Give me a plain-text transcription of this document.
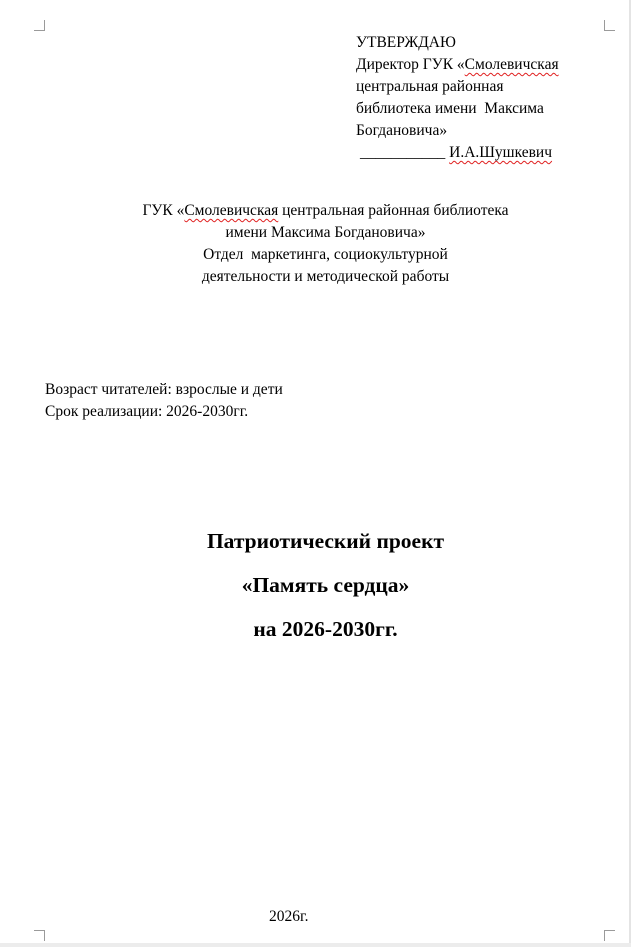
УТВЕРЖДАЮ
Директор ГУК «Смолевичская
центральная районная
библиотека имени  Максима
Богдановича»
___________ И.А.Шушкевич
ГУК «Смолевичская центральная районная библиотека
имени Максима Богдановича»
Отдел  маркетинга, социокультурной
деятельности и методической работы
Возраст читателей: взрослые и дети
Срок реализации: 2026-2030гг.
Патриотический проект
«Память сердца»
на 2026-2030гг.
2026г.
